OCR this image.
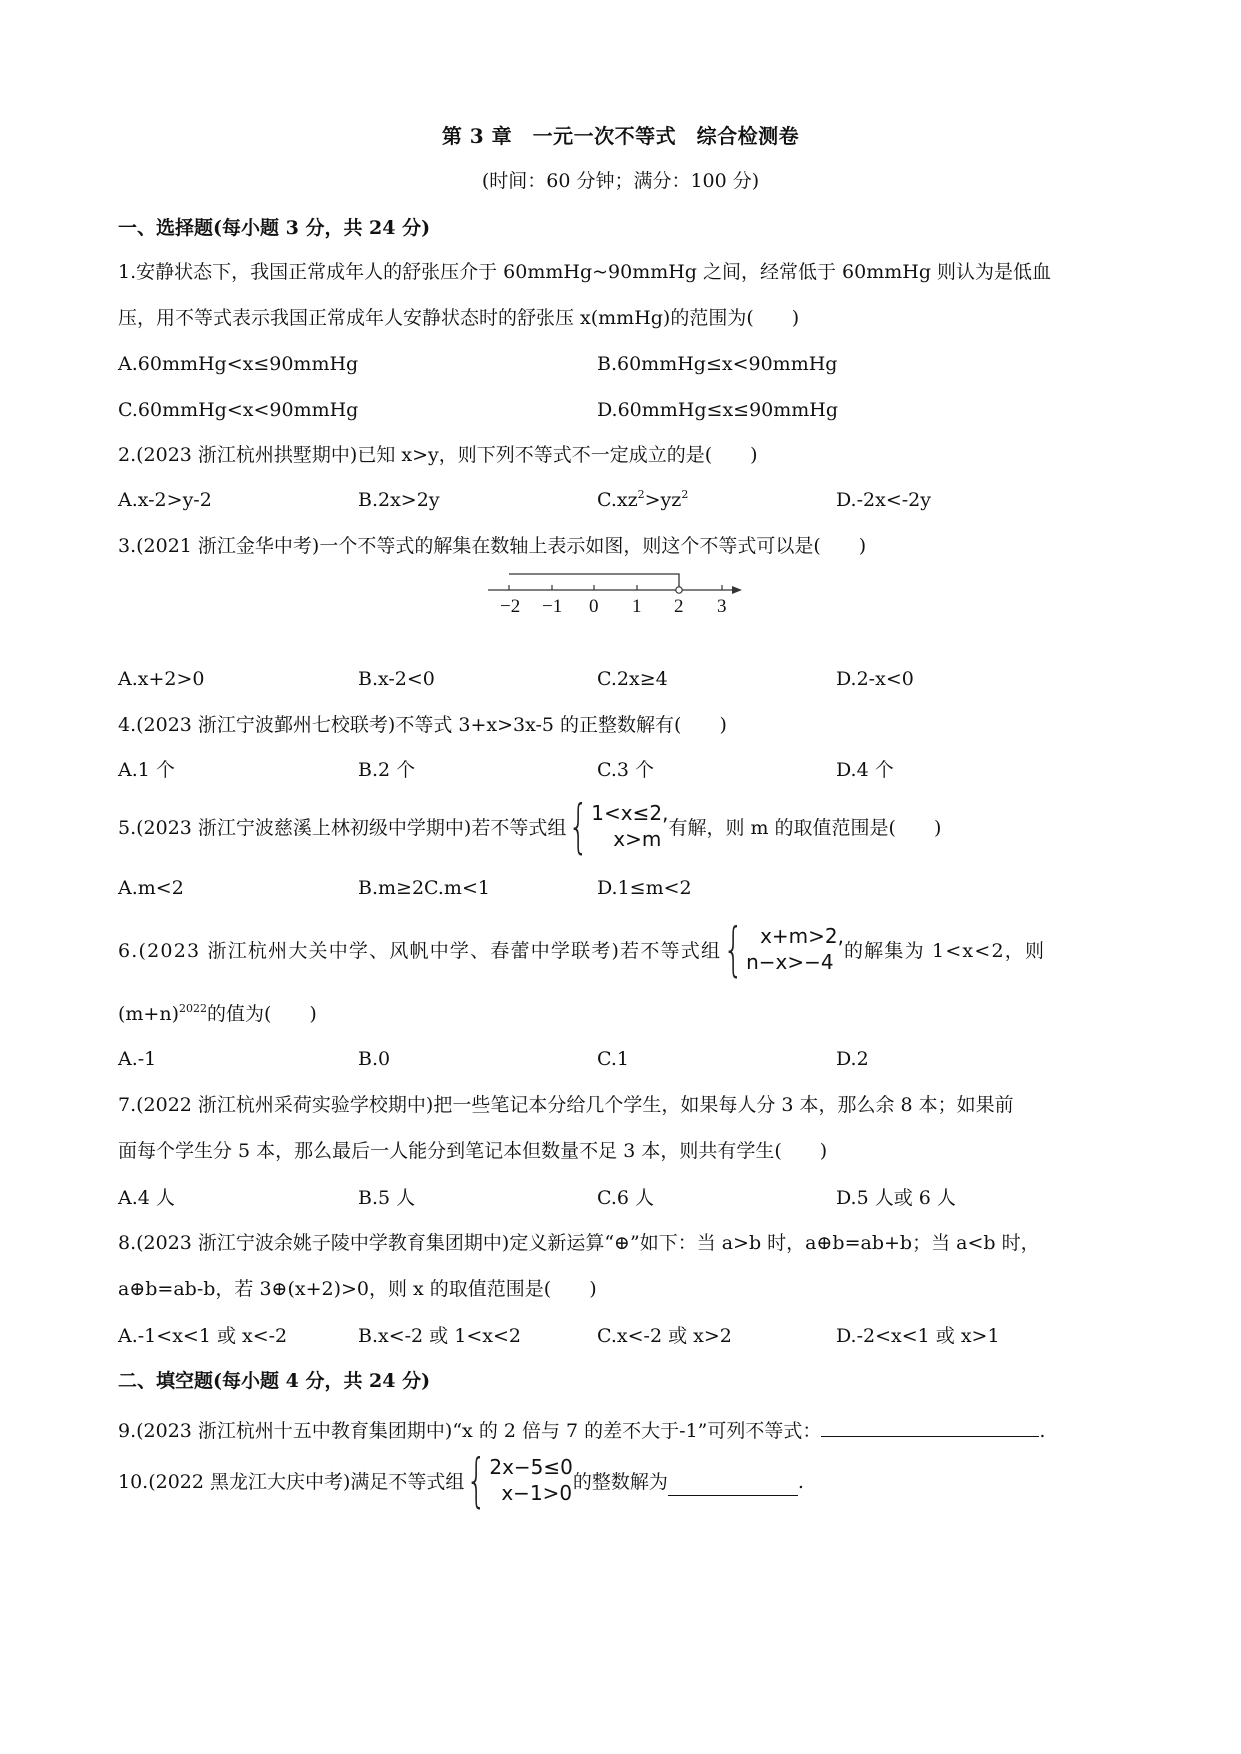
第 3 章　一元一次不等式　综合检测卷
(时间：60 分钟；满分：100 分)
一、选择题(每小题 3 分，共 24 分)
1.安静状态下，我国正常成年人的舒张压介于 60mmHg~90mmHg 之间，经常低于 60mmHg 则认为是低血
压，用不等式表示我国正常成年人安静状态时的舒张压 x(mmHg)的范围为(　　)
A.60mmHg<x≤90mmHg	B.60mmHg≤x<90mmHg
C.60mmHg<x<90mmHg	D.60mmHg≤x≤90mmHg
2.(2023 浙江杭州拱墅期中)已知 x>y，则下列不等式不一定成立的是(　　)
A.x-2>y-2	B.2x>2y	$C.xz^2>yz^2$	D.-2x<-2y
3.(2021 浙江金华中考)一个不等式的解集在数轴上表示如图，则这个不等式可以是(　　)
−2 −1 0 1 2 3
A.x+2>0	B.x-2<0	C.2x≥4	D.2-x<0
4.(2023 浙江宁波鄞州七校联考)不等式 3+x>3x-5 的正整数解有(　　)
A.1 个	B.2 个	C.3 个	D.4 个
5.(2023 浙江宁波慈溪上林初级中学期中)若不等式组 { 1<x≤2,
x>m 有解，则 m 的取值范围是(　　)
A.m<2	B.m≥2C.m<1	D.1≤m<2
6.(2023 浙江杭州大关中学、风帆中学、春蕾中学联考)若不等式组 { x+m>2,
n−x>−4 的解集为 1<x<2，则
$(m+n)^{2022}$的值为(　　)
A.-1	B.0	C.1	D.2
7.(2022 浙江杭州采荷实验学校期中)把一些笔记本分给几个学生，如果每人分 3 本，那么余 8 本；如果前
面每个学生分 5 本，那么最后一人能分到笔记本但数量不足 3 本，则共有学生(　　)
A.4 人	B.5 人	C.6 人	D.5 人或 6 人
8.(2023 浙江宁波余姚子陵中学教育集团期中)定义新运算“⊕”如下：当 a>b 时，a⊕b=ab+b；当 a<b 时，
a⊕b=ab-b，若 3⊕(x+2)>0，则 x 的取值范围是(　　)
A.-1<x<1 或 x<-2	B.x<-2 或 1<x<2	C.x<-2 或 x>2	D.-2<x<1 或 x>1
二、填空题(每小题 4 分，共 24 分)
9.(2023 浙江杭州十五中教育集团期中)“x 的 2 倍与 7 的差不大于-1”可列不等式：	.
10.(2022 黑龙江大庆中考)满足不等式组 { 2x−5≤0
x−1>0 的整数解为	.
